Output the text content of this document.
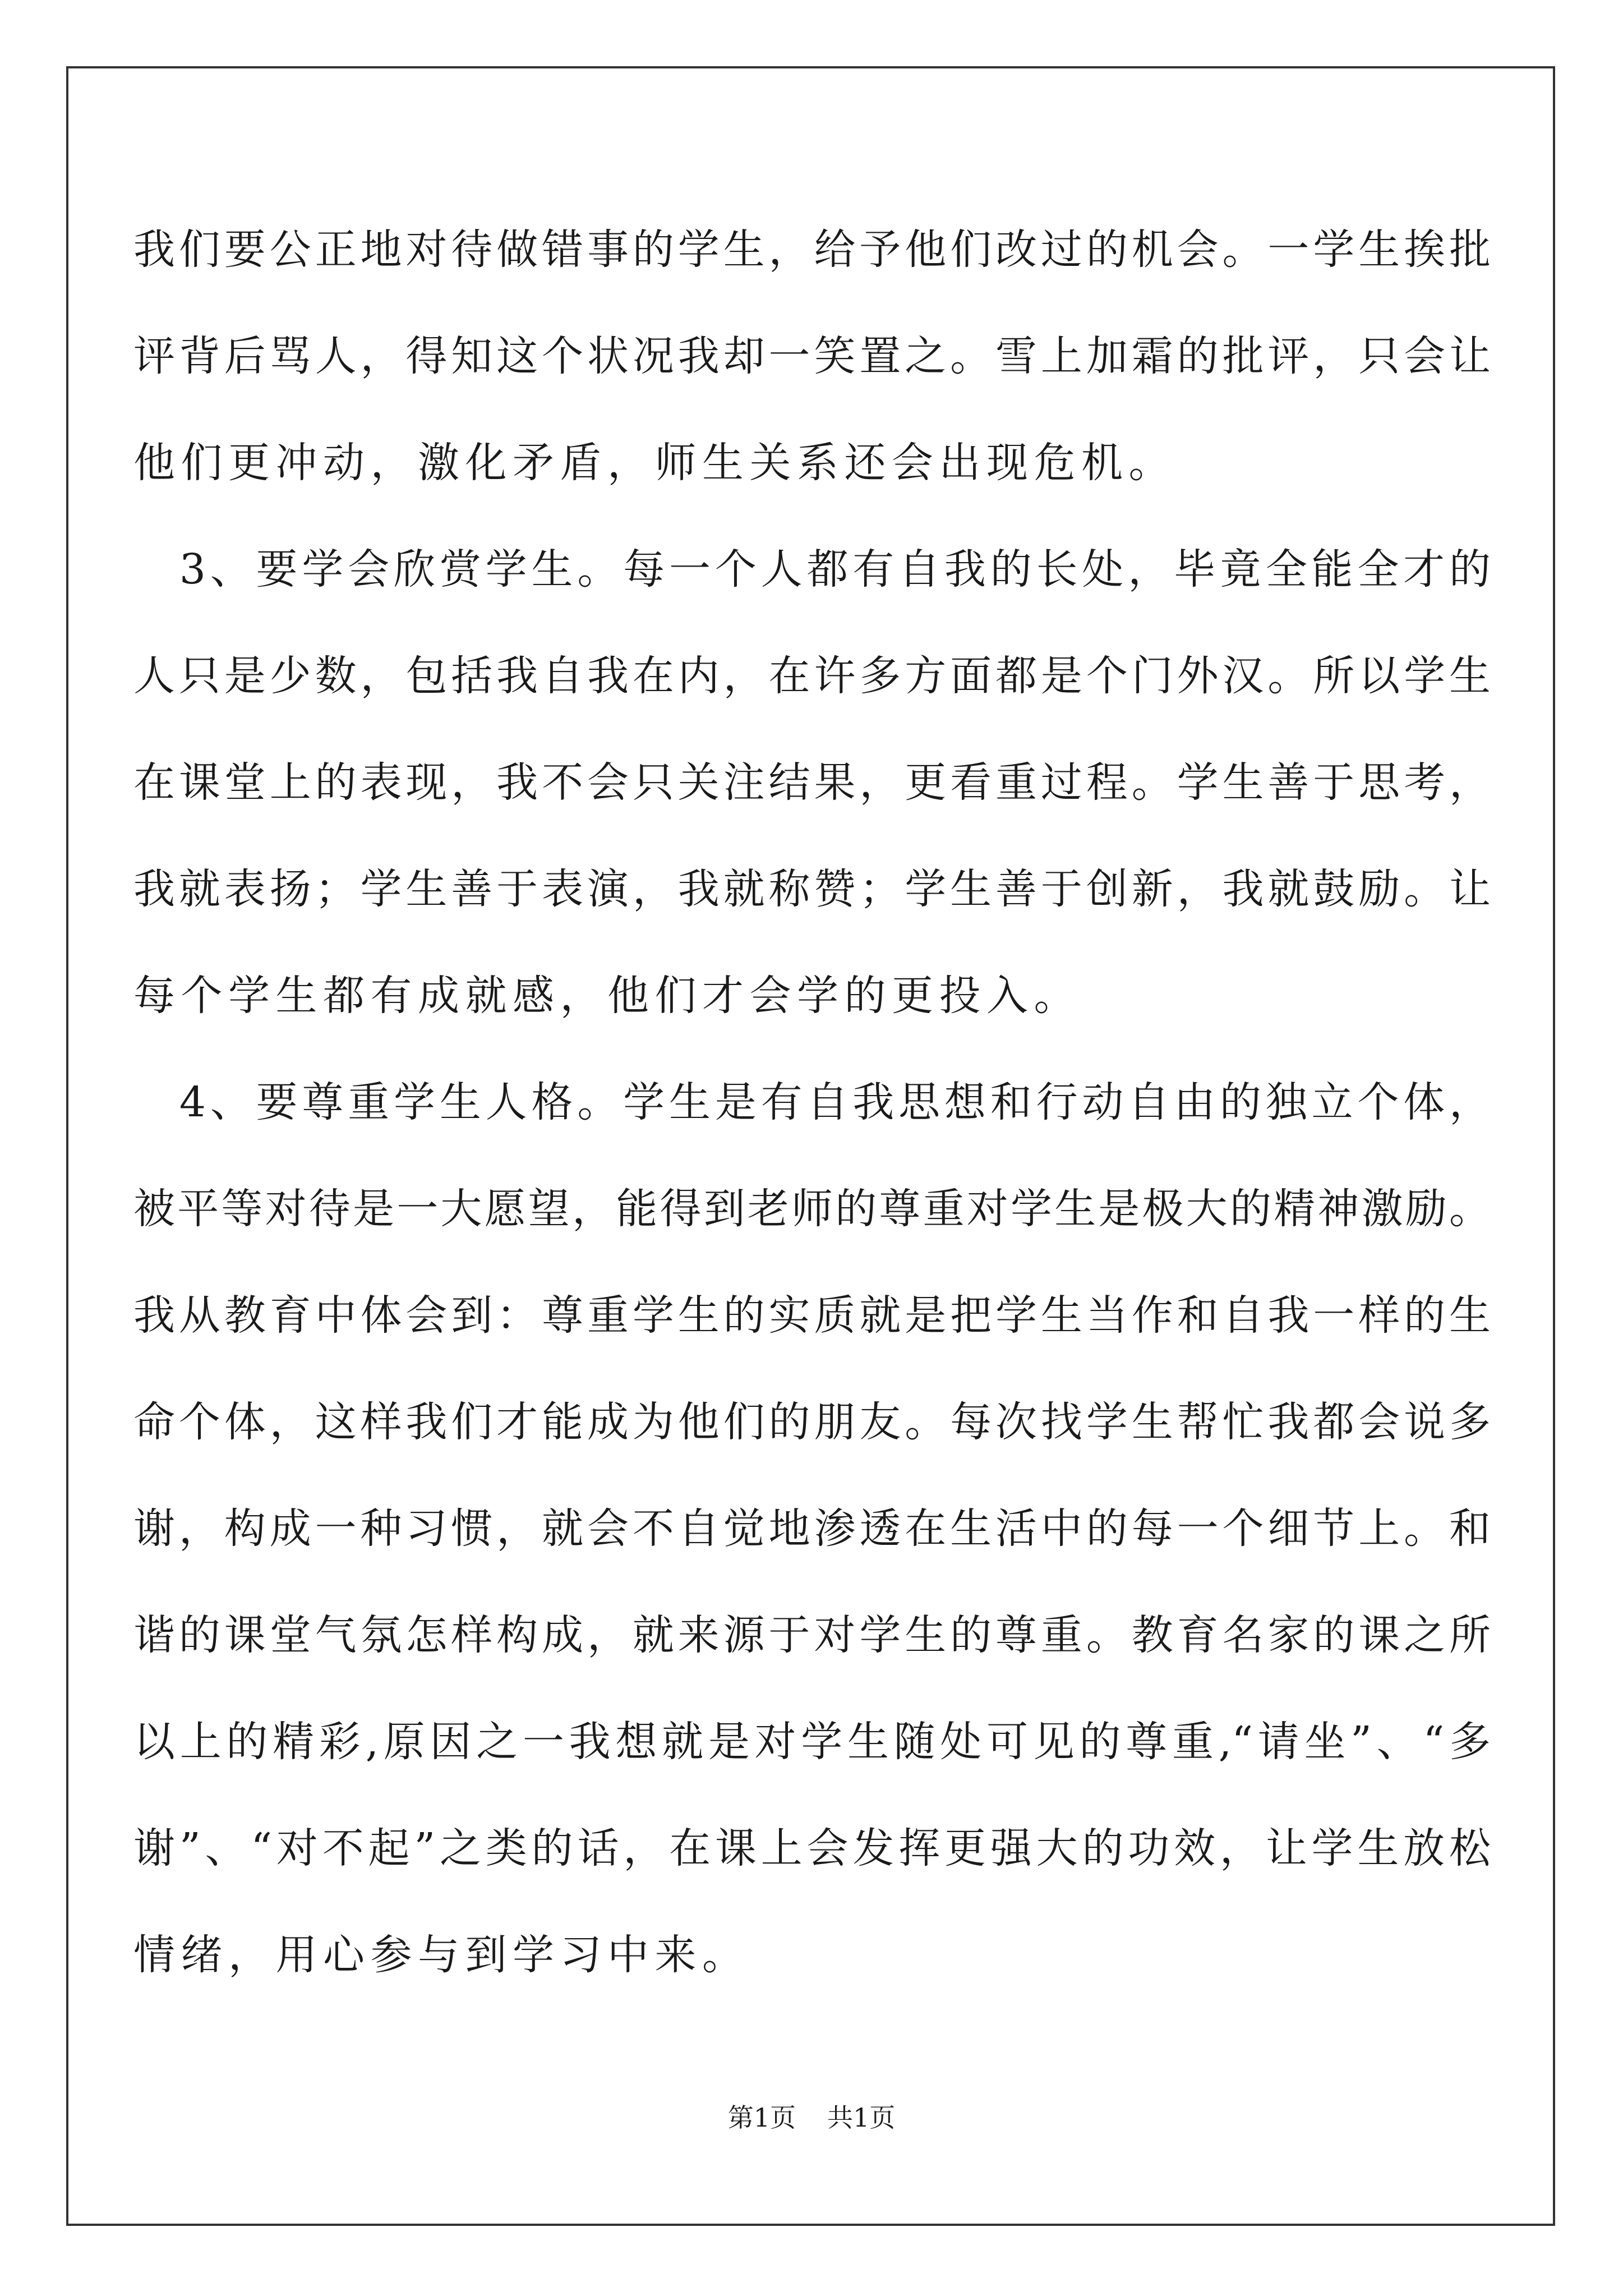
我们要公正地对待做错事的学生，给予他们改过的机会。一学生挨批
评背后骂人，得知这个状况我却一笑置之。雪上加霜的批评，只会让
他们更冲动，激化矛盾，师生关系还会出现危机。
　3、要学会欣赏学生。每一个人都有自我的长处，毕竟全能全才的
人只是少数，包括我自我在内，在许多方面都是个门外汉。所以学生
在课堂上的表现，我不会只关注结果，更看重过程。学生善于思考，
我就表扬；学生善于表演，我就称赞；学生善于创新，我就鼓励。让
每个学生都有成就感，他们才会学的更投入。
　4、要尊重学生人格。学生是有自我思想和行动自由的独立个体，
被平等对待是一大愿望，能得到老师的尊重对学生是极大的精神激励。
我从教育中体会到：尊重学生的实质就是把学生当作和自我一样的生
命个体，这样我们才能成为他们的朋友。每次找学生帮忙我都会说多
谢，构成一种习惯，就会不自觉地渗透在生活中的每一个细节上。和
谐的课堂气氛怎样构成，就来源于对学生的尊重。教育名家的课之所
以上的精彩,原因之一我想就是对学生随处可见的尊重,“请坐”、“多
谢”、“对不起”之类的话，在课上会发挥更强大的功效，让学生放松
情绪，用心参与到学习中来。
第1页 共1页
